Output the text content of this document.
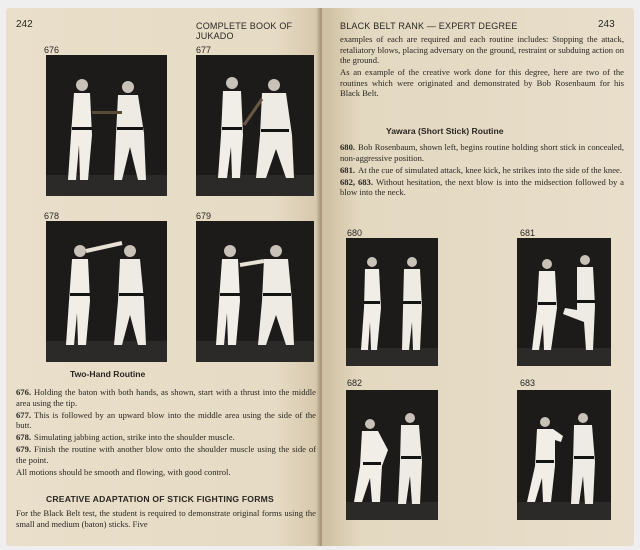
242	COMPLETE BOOK OF JUKADO
676	677
678	679
Two-Hand Routine

676. Holding the baton with both hands, as shown, start with a thrust into the middle area using the tip.

677. This is followed by an upward blow into the middle area using the side of the butt.

678. Simulating jabbing action, strike into the shoulder muscle.

679. Finish the routine with another blow onto the shoulder muscle using the side of the point.

All motions should be smooth and flowing, with good control.

CREATIVE ADAPTATION OF STICK FIGHTING FORMS

For the Black Belt test, the student is required to demonstrate original forms using the small and medium (baton) sticks. Five

BLACK BELT RANK — EXPERT DEGREE	243

examples of each are required and each routine includes: Stopping the attack, retaliatory blows, placing adversary on the ground, restraint or subduing action on the ground.

As an example of the creative work done for this degree, here are two of the routines which were originated and demonstrated by Bob Rosenbaum for his Black Belt.

Yawara (Short Stick) Routine

680. Bob Rosenbaum, shown left, begins routine holding short stick in concealed, non-aggressive position.

681. At the cue of simulated attack, knee kick, he strikes into the side of the knee.

682, 683. Without hesitation, the next blow is into the midsection followed by a blow into the neck.

680	681
682	683
